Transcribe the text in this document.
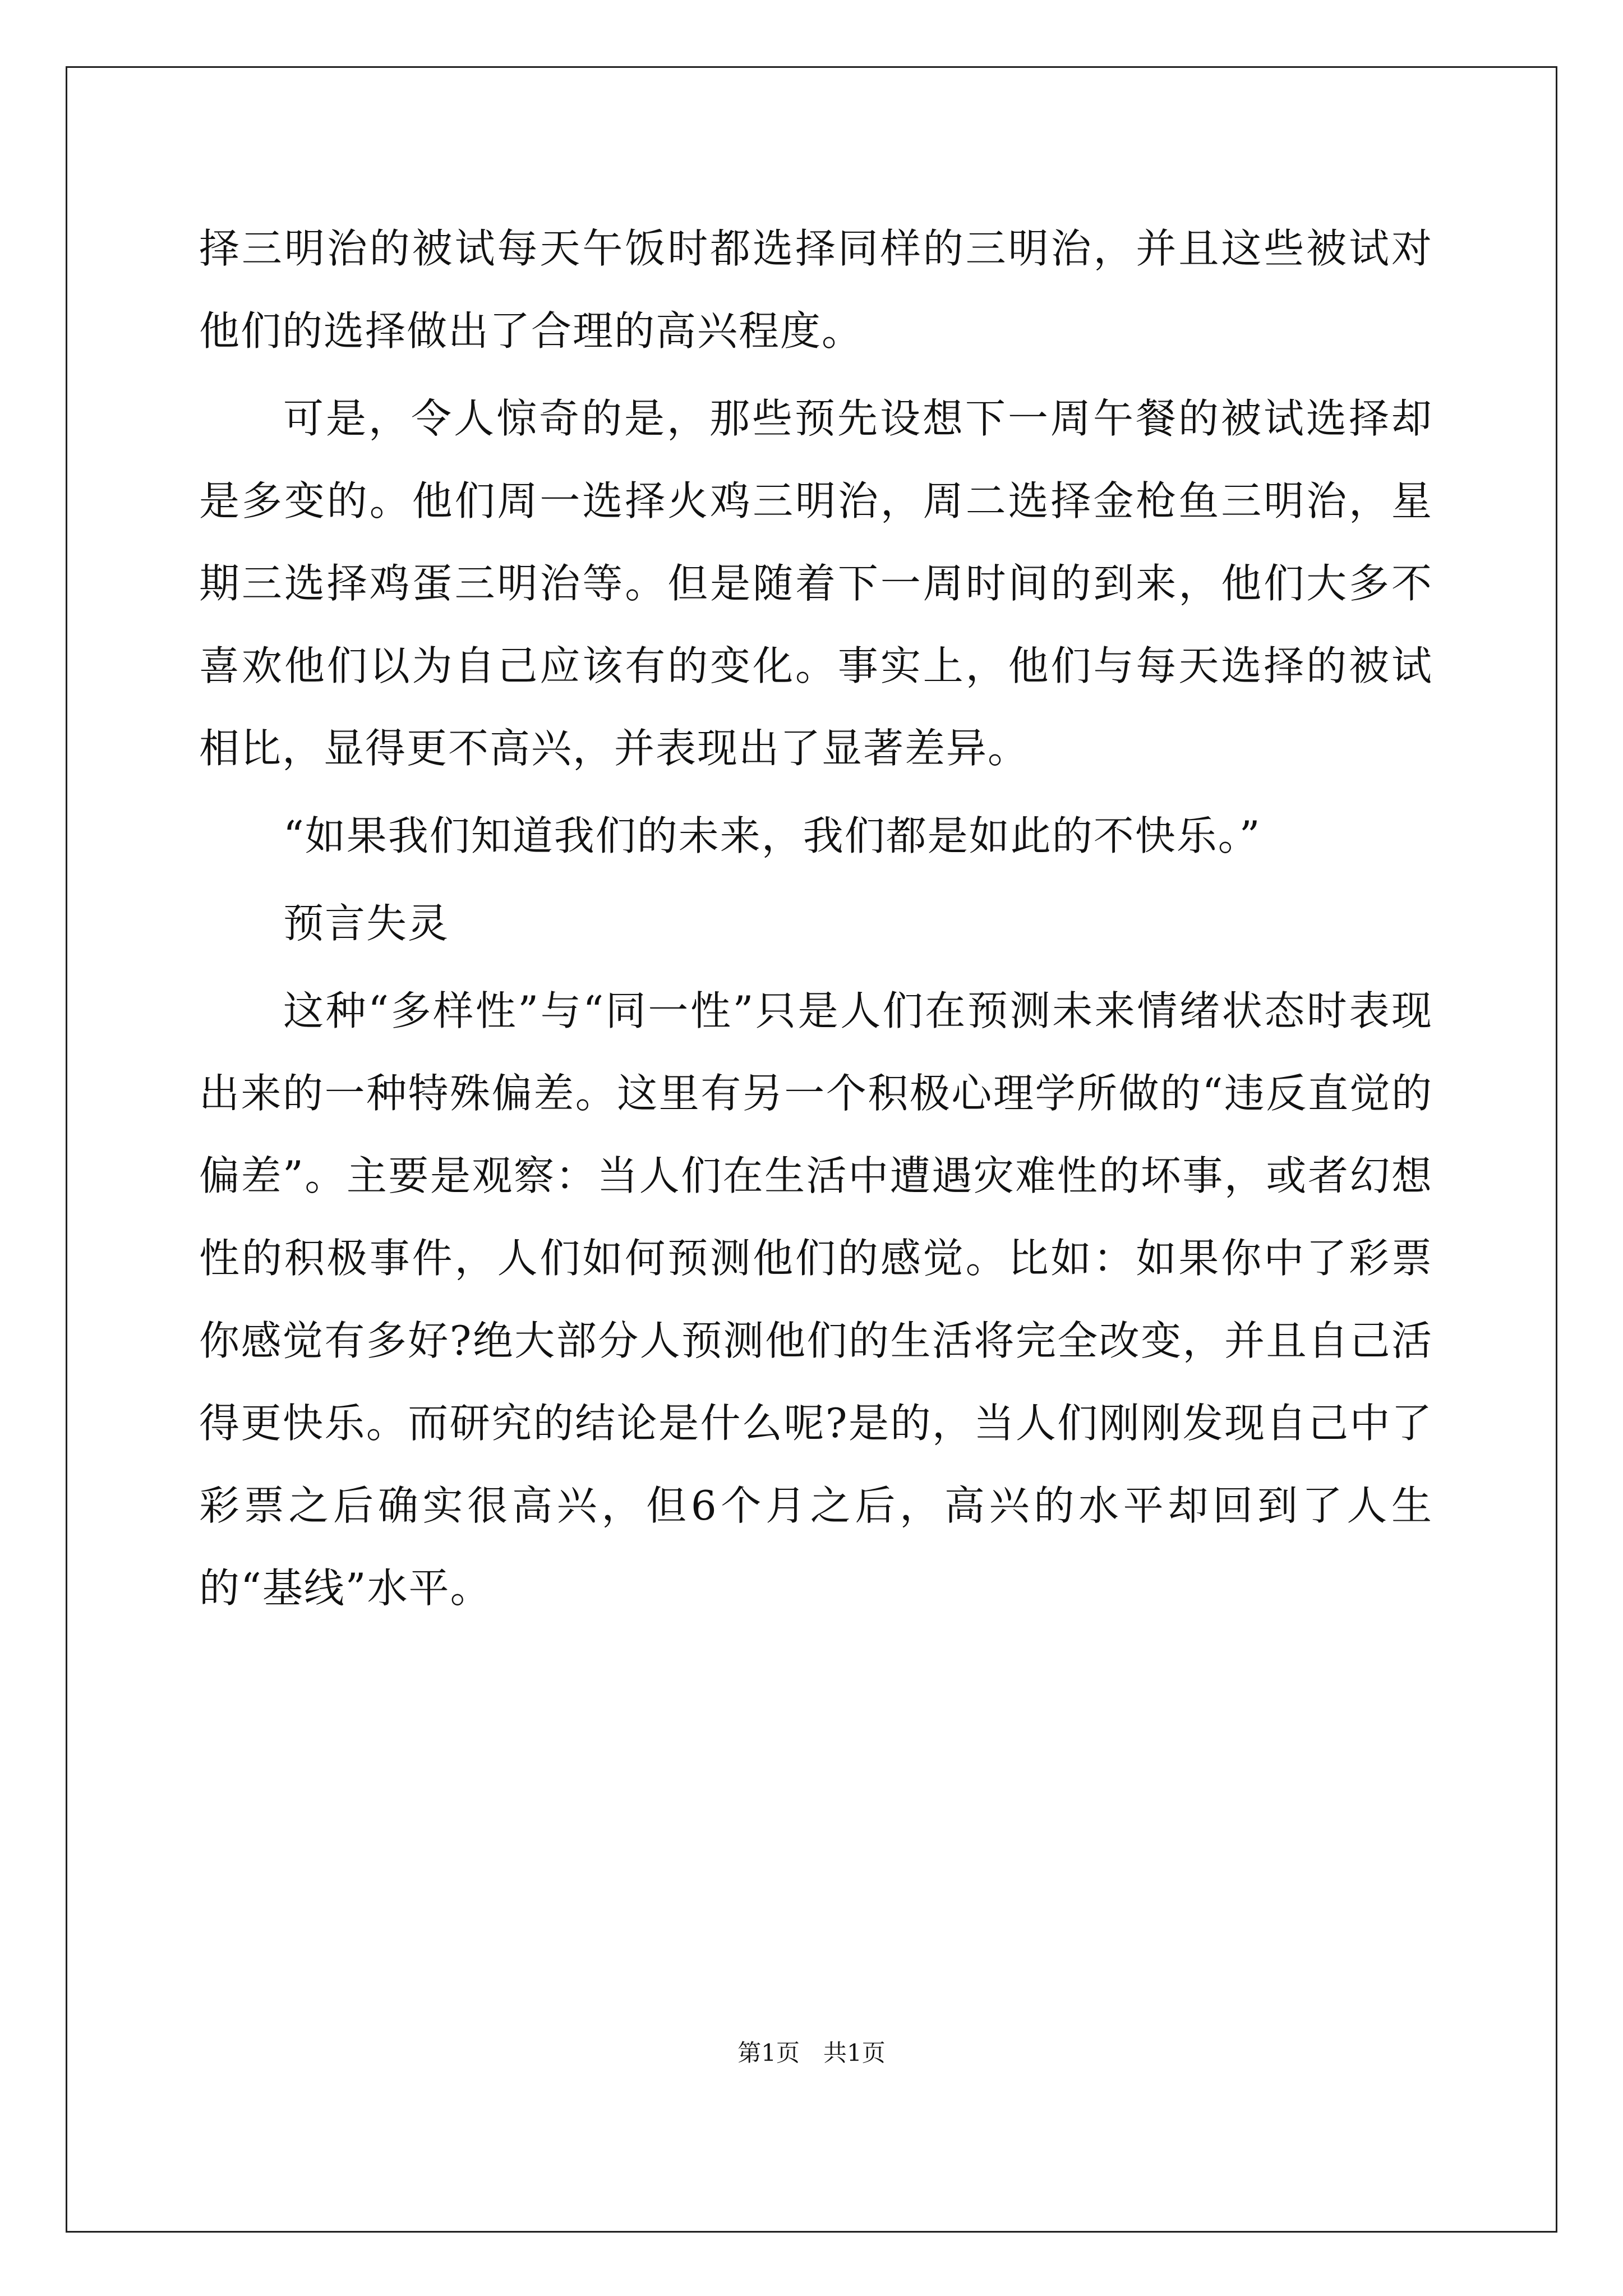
择三明治的被试每天午饭时都选择同样的三明治，并且这些被试对他们的选择做出了合理的高兴程度。

可是，令人惊奇的是，那些预先设想下一周午餐的被试选择却是多变的。他们周一选择火鸡三明治，周二选择金枪鱼三明治，星期三选择鸡蛋三明治等。但是随着下一周时间的到来，他们大多不喜欢他们以为自己应该有的变化。事实上，他们与每天选择的被试相比，显得更不高兴，并表现出了显著差异。

“如果我们知道我们的未来，我们都是如此的不快乐。”

预言失灵

这种“多样性”与“同一性”只是人们在预测未来情绪状态时表现出来的一种特殊偏差。这里有另一个积极心理学所做的“违反直觉的偏差”。主要是观察：当人们在生活中遭遇灾难性的坏事，或者幻想性的积极事件，人们如何预测他们的感觉。比如：如果你中了彩票你感觉有多好?绝大部分人预测他们的生活将完全改变，并且自己活得更快乐。而研究的结论是什么呢?是的，当人们刚刚发现自己中了彩票之后确实很高兴，但6个月之后，高兴的水平却回到了人生的“基线”水平。

第1页　共1页
